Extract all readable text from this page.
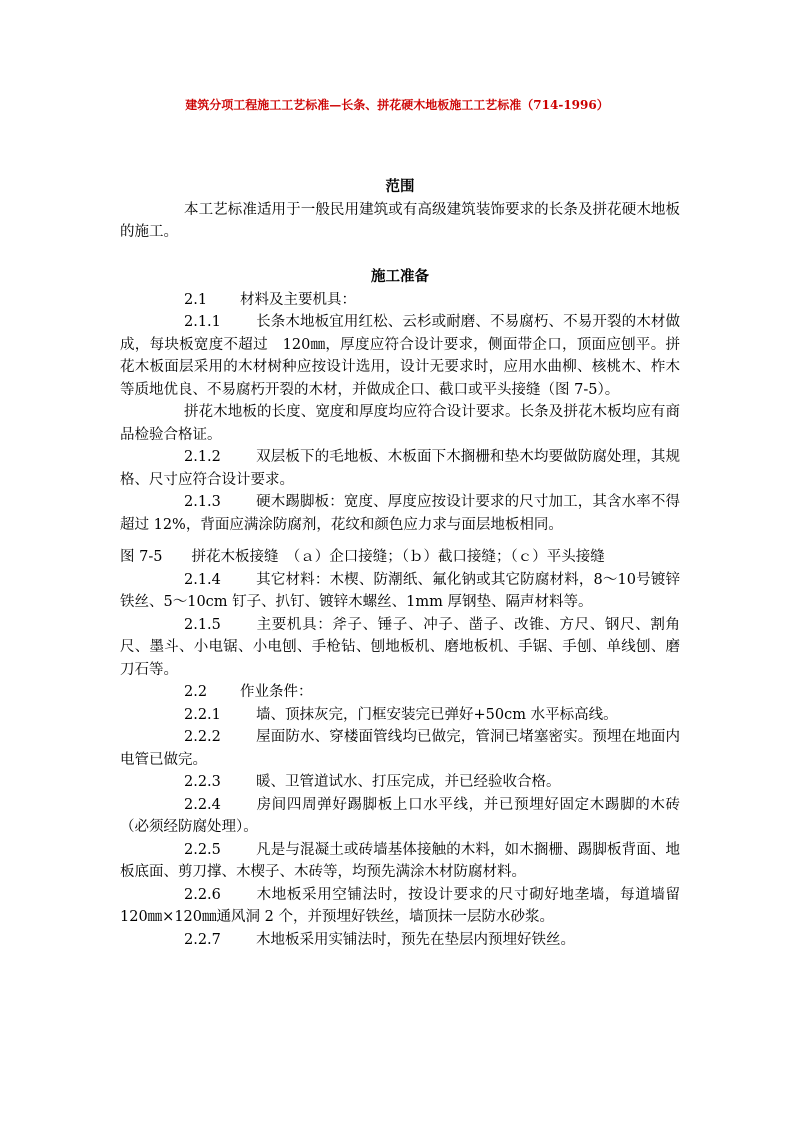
建筑分项工程施工工艺标准—长条、拼花硬木地板施工工艺标准（714-1996）
范围

本工艺标准适用于一般民用建筑或有高级建筑装饰要求的长条及拼花硬木地板的施工。

施工准备

2.1 材料及主要机具：

2.1.1 长条木地板宜用红松、云杉或耐磨、不易腐朽、不易开裂的木材做成，每块板宽度不超过　120㎜，厚度应符合设计要求，侧面带企口，顶面应刨平。拼花木板面层采用的木材树种应按设计选用，设计无要求时，应用水曲柳、核桃木、柞木等质地优良、不易腐朽开裂的木材，并做成企口、截口或平头接缝（图 7-5）。

拼花木地板的长度、宽度和厚度均应符合设计要求。长条及拼花木板均应有商品检验合格证。

2.1.2 双层板下的毛地板、木板面下木搁栅和垫木均要做防腐处理，其规格、尺寸应符合设计要求。

2.1.3 硬木踢脚板：宽度、厚度应按设计要求的尺寸加工，其含水率不得超过 12%，背面应满涂防腐剂，花纹和颜色应力求与面层地板相同。

图 7-5　　拼花木板接缝　（ａ）企口接缝；（ｂ）截口接缝；（ｃ）平头接缝

2.1.4 其它材料：木楔、防潮纸、氟化钠或其它防腐材料，8～10号镀锌铁丝、5～10cm 钉子、扒钉、镀锌木螺丝、1mm 厚钢垫、隔声材料等。

2.1.5 主要机具：斧子、锤子、冲子、凿子、改锥、方尺、钢尺、割角尺、墨斗、小电锯、小电刨、手枪钻、刨地板机、磨地板机、手锯、手刨、单线刨、磨刀石等。

2.2 作业条件：

2.2.1 墙、顶抹灰完，门框安装完已弹好+50cm 水平标高线。

2.2.2 屋面防水、穿楼面管线均已做完，管洞已堵塞密实。预埋在地面内电管已做完。

2.2.3 暖、卫管道试水、打压完成，并已经验收合格。

2.2.4 房间四周弹好踢脚板上口水平线，并已预埋好固定木踢脚的木砖（必须经防腐处理）。

2.2.5 凡是与混凝土或砖墙基体接触的木料，如木搁栅、踢脚板背面、地板底面、剪刀撑、木楔子、木砖等，均预先满涂木材防腐材料。

2.2.6 木地板采用空铺法时，按设计要求的尺寸砌好地垄墙，每道墙留 120㎜×120㎜通风洞 2 个，并预埋好铁丝，墙顶抹一层防水砂浆。

2.2.7 木地板采用实铺法时，预先在垫层内预埋好铁丝。
